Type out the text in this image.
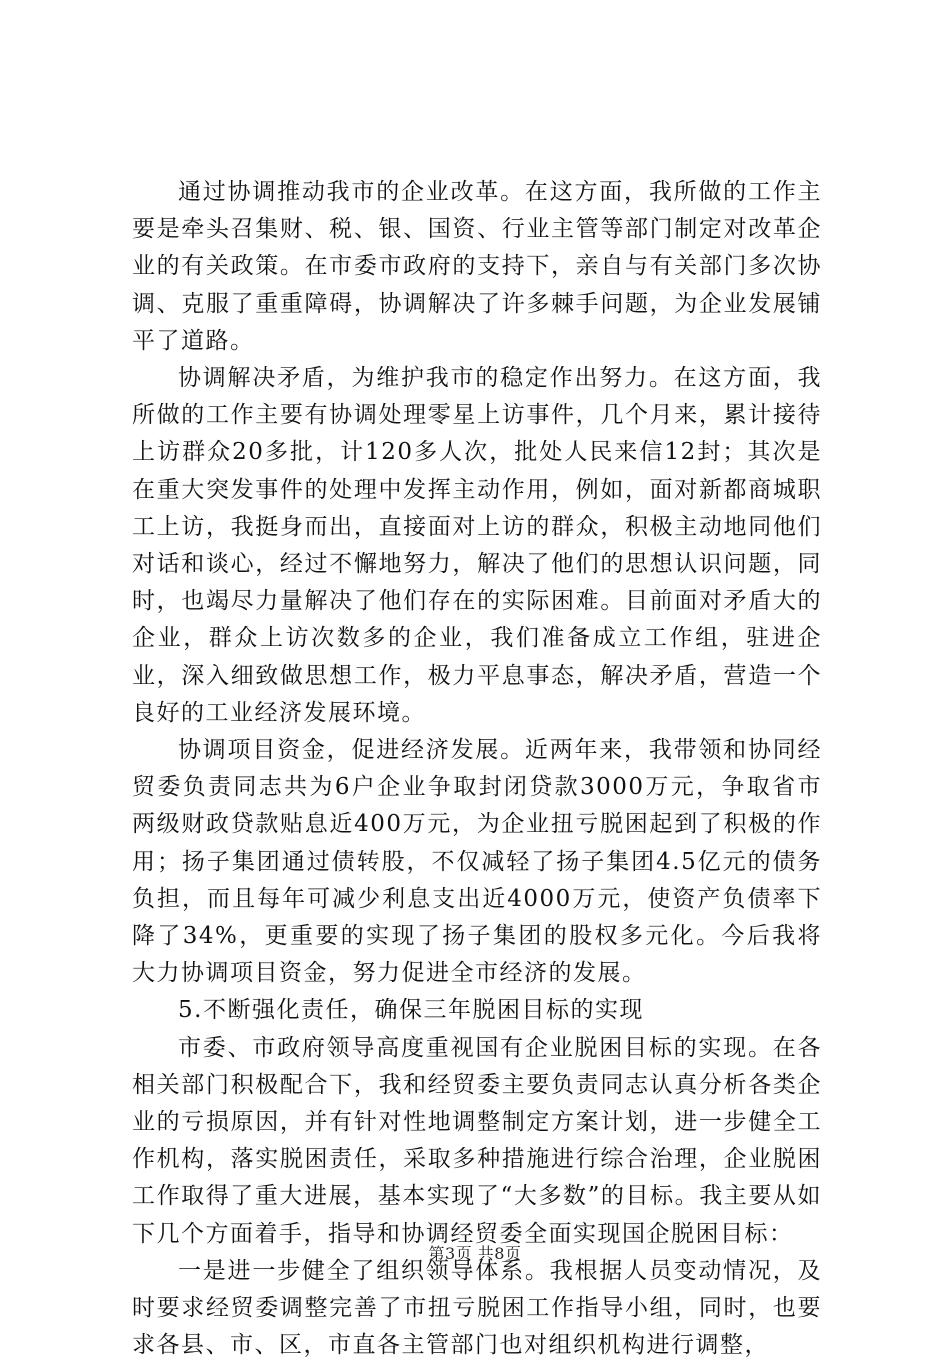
通过协调推动我市的企业改革。在这方面，我所做的工作主要是牵头召集财、税、银、国资、行业主管等部门制定对改革企业的有关政策。在市委市政府的支持下，亲自与有关部门多次协调、克服了重重障碍，协调解决了许多棘手问题，为企业发展铺平了道路。

协调解决矛盾，为维护我市的稳定作出努力。在这方面，我所做的工作主要有协调处理零星上访事件，几个月来，累计接待上访群众20多批，计120多人次，批处人民来信12封；其次是在重大突发事件的处理中发挥主动作用，例如，面对新都商城职工上访，我挺身而出，直接面对上访的群众，积极主动地同他们对话和谈心，经过不懈地努力，解决了他们的思想认识问题，同时，也竭尽力量解决了他们存在的实际困难。目前面对矛盾大的企业，群众上访次数多的企业，我们准备成立工作组，驻进企业，深入细致做思想工作，极力平息事态，解决矛盾，营造一个良好的工业经济发展环境。

协调项目资金，促进经济发展。近两年来，我带领和协同经贸委负责同志共为6户企业争取封闭贷款3000万元，争取省市两级财政贷款贴息近400万元，为企业扭亏脱困起到了积极的作用；扬子集团通过债转股，不仅减轻了扬子集团4.5亿元的债务负担，而且每年可减少利息支出近4000万元，使资产负债率下降了34%，更重要的实现了扬子集团的股权多元化。今后我将大力协调项目资金，努力促进全市经济的发展。

5.不断强化责任，确保三年脱困目标的实现

市委、市政府领导高度重视国有企业脱困目标的实现。在各相关部门积极配合下，我和经贸委主要负责同志认真分析各类企业的亏损原因，并有针对性地调整制定方案计划，进一步健全工作机构，落实脱困责任，采取多种措施进行综合治理，企业脱困工作取得了重大进展，基本实现了“大多数”的目标。我主要从如下几个方面着手，指导和协调经贸委全面实现国企脱困目标：

一是进一步健全了组织领导体系。我根据人员变动情况，及时要求经贸委调整完善了市扭亏脱困工作指导小组，同时，也要求各县、市、区，市直各主管部门也对组织机构进行调整，

第3页 共8页
